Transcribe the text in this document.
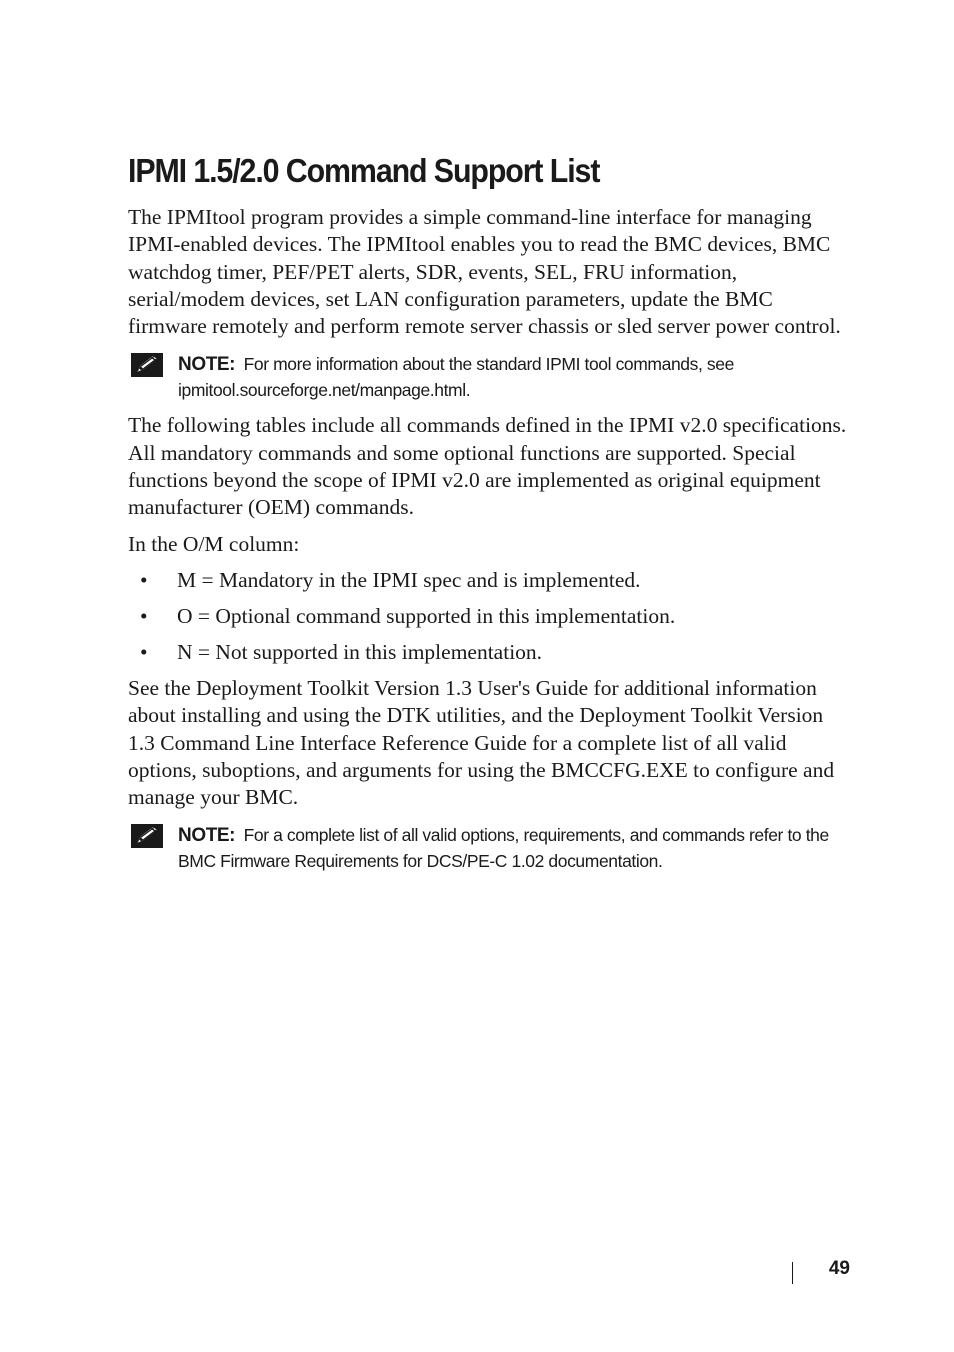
IPMI 1.5/2.0 Command Support List

The IPMItool program provides a simple command-line interface for managing IPMI-enabled devices. The IPMItool enables you to read the BMC devices, BMC watchdog timer, PEF/PET alerts, SDR, events, SEL, FRU information, serial/modem devices, set LAN configuration parameters, update the BMC firmware remotely and perform remote server chassis or sled server power control.

NOTE: For more information about the standard IPMI tool commands, see ipmitool.sourceforge.net/manpage.html.

The following tables include all commands defined in the IPMI v2.0 specifications. All mandatory commands and some optional functions are supported. Special functions beyond the scope of IPMI v2.0 are implemented as original equipment manufacturer (OEM) commands.

In the O/M column:

• M = Mandatory in the IPMI spec and is implemented.
• O = Optional command supported in this implementation.
• N = Not supported in this implementation.

See the Deployment Toolkit Version 1.3 User's Guide for additional information about installing and using the DTK utilities, and the Deployment Toolkit Version 1.3 Command Line Interface Reference Guide for a complete list of all valid options, suboptions, and arguments for using the BMCCFG.EXE to configure and manage your BMC.

NOTE: For a complete list of all valid options, requirements, and commands refer to the BMC Firmware Requirements for DCS/PE-C 1.02 documentation.
49
